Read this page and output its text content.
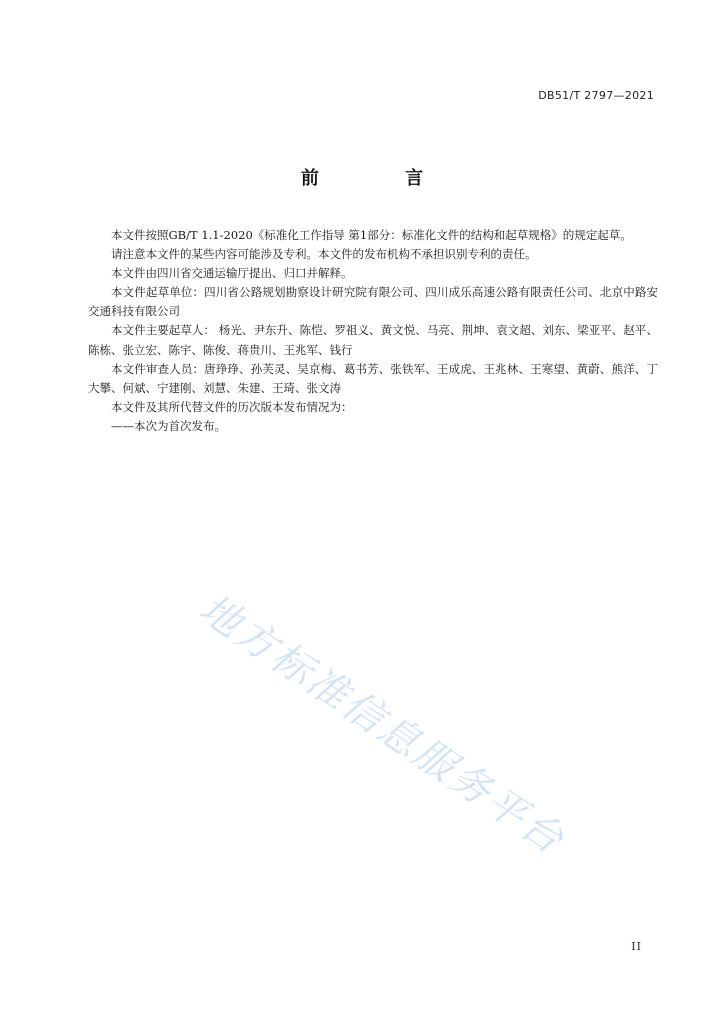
DB51/T 2797—2021
前 言

本文件按照GB/T 1.1-2020《标准化工作指导 第1部分：标准化文件的结构和起草规格》的规定起草。

请注意本文件的某些内容可能涉及专利。本文件的发布机构不承担识别专利的责任。

本文件由四川省交通运输厅提出、归口并解释。

本文件起草单位：四川省公路规划勘察设计研究院有限公司、四川成乐高速公路有限责任公司、北京中路安交通科技有限公司

本文件主要起草人： 杨光、尹东升、陈恺、罗祖义、黄文悦、马亮、荆坤、袁文超、刘东、梁亚平、赵平、陈栋、张立宏、陈宇、陈俊、蒋贵川、王兆军、钱行

本文件审查人员：唐琤琤、孙芙灵、吴京梅、葛书芳、张铁军、王成虎、王兆林、王寒望、黄蔚、熊洋、丁大攀、何斌、宁建刚、刘慧、朱建、王琦、张文涛

本文件及其所代替文件的历次版本发布情况为：

——本次为首次发布。

地方标准信息服务平台
II
